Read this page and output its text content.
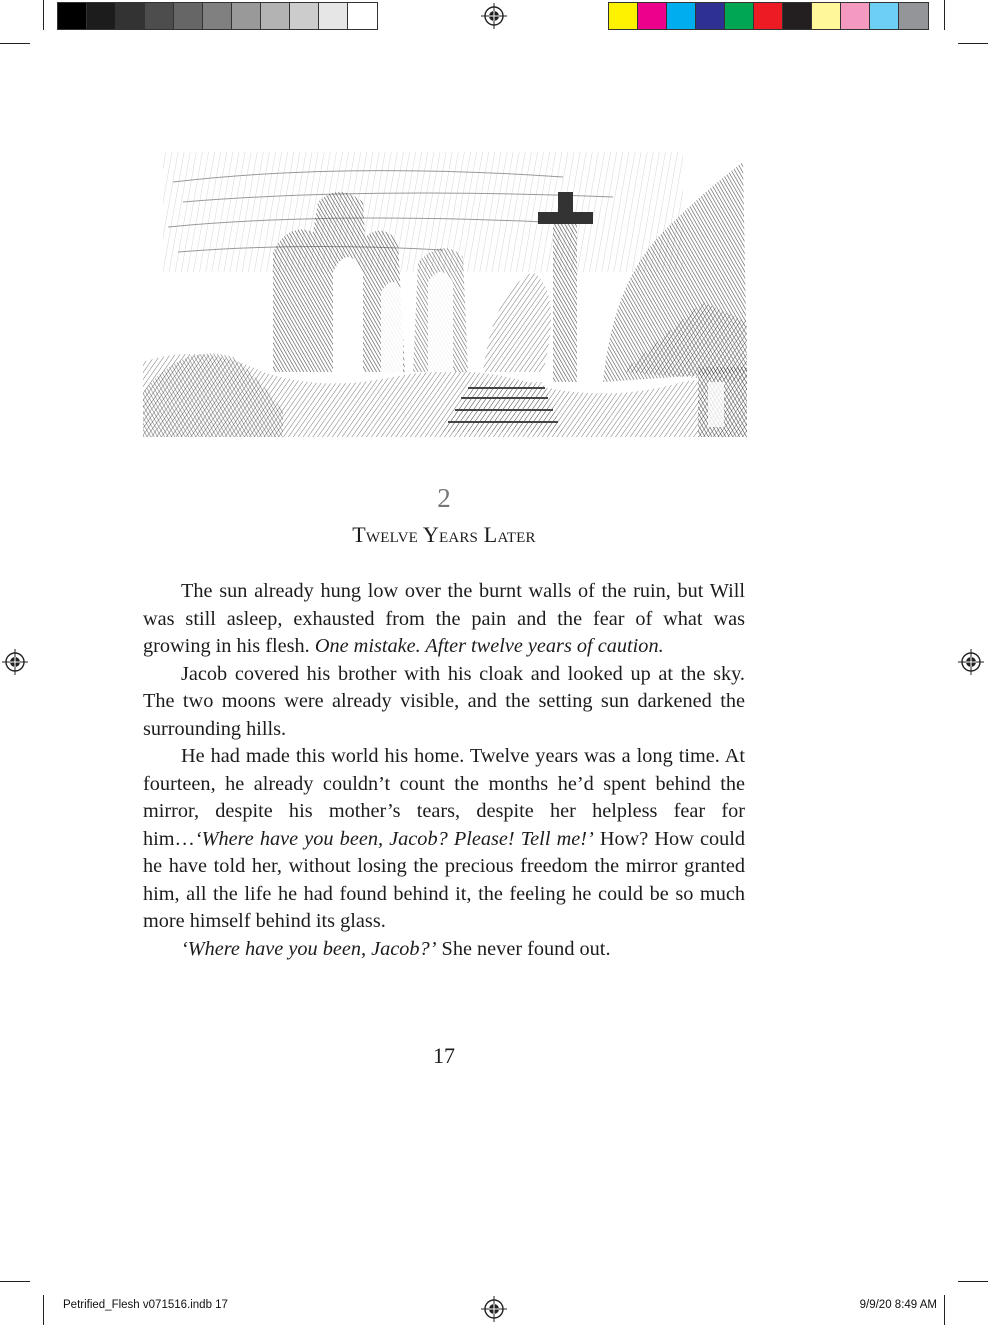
2
Twelve Years Later

The sun already hung low over the burnt walls of the ruin, but Will was still asleep, exhausted from the pain and the fear of what was growing in his flesh. One mistake. After twelve years of caution.

Jacob covered his brother with his cloak and looked up at the sky. The two moons were already visible, and the setting sun darkened the surrounding hills.

He had made this world his home. Twelve years was a long time. At fourteen, he already couldn’t count the months he’d spent behind the mirror, despite his mother’s tears, despite her helpless fear for him…‘Where have you been, Jacob? Please! Tell me!’ How? How could he have told her, without losing the precious freedom the mirror granted him, all the life he had found behind it, the feeling he could be so much more himself behind its glass.

‘Where have you been, Jacob?’ She never found out.

17
Petrified_Flesh v071516.indb 17	9/9/20 8:49 AM
